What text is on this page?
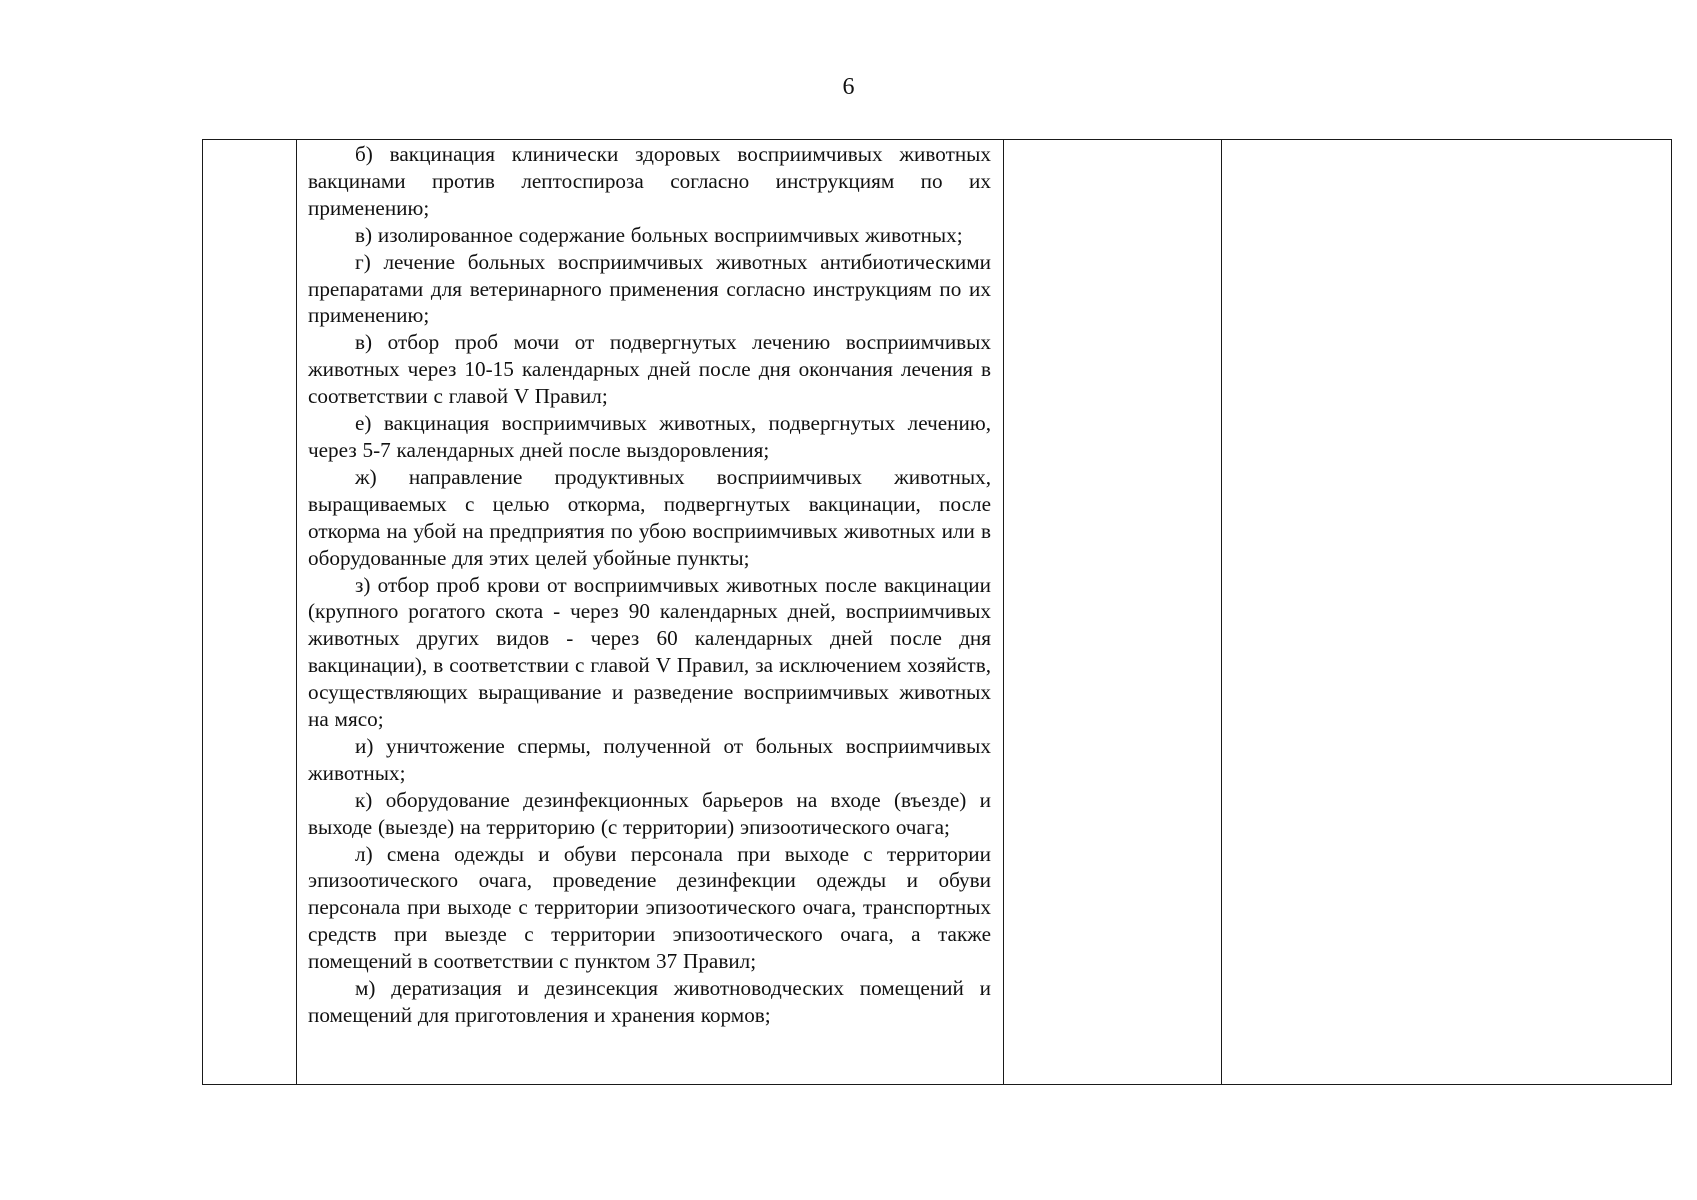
6

б) вакцинация клинически здоровых восприимчивых животных вакцинами против лептоспироза согласно инструкциям по их применению;

в) изолированное содержание больных восприимчивых животных;

г) лечение больных восприимчивых животных антибиотическими препаратами для ветеринарного применения согласно инструкциям по их применению;

в) отбор проб мочи от подвергнутых лечению восприимчивых животных через 10-15 календарных дней после дня окончания лечения в соответствии с главой V Правил;

е) вакцинация восприимчивых животных, подвергнутых лечению, через 5-7 календарных дней после выздоровления;

ж) направление продуктивных восприимчивых животных, выращиваемых с целью откорма, подвергнутых вакцинации, после откорма на убой на предприятия по убою восприимчивых животных или в оборудованные для этих целей убойные пункты;

з) отбор проб крови от восприимчивых животных после вакцинации (крупного рогатого скота - через 90 календарных дней, восприимчивых животных других видов - через 60 календарных дней после дня вакцинации), в соответствии с главой V Правил, за исключением хозяйств, осуществляющих выращивание и разведение восприимчивых животных на мясо;

и) уничтожение спермы, полученной от больных восприимчивых животных;

к) оборудование дезинфекционных барьеров на входе (въезде) и выходе (выезде) на территорию (с территории) эпизоотического очага;

л) смена одежды и обуви персонала при выходе с территории эпизоотического очага, проведение дезинфекции одежды и обуви персонала при выходе с территории эпизоотического очага, транспортных средств при выезде с территории эпизоотического очага, а также помещений в соответствии с пунктом 37 Правил;

м) дератизация и дезинсекция животноводческих помещений и помещений для приготовления и хранения кормов;
